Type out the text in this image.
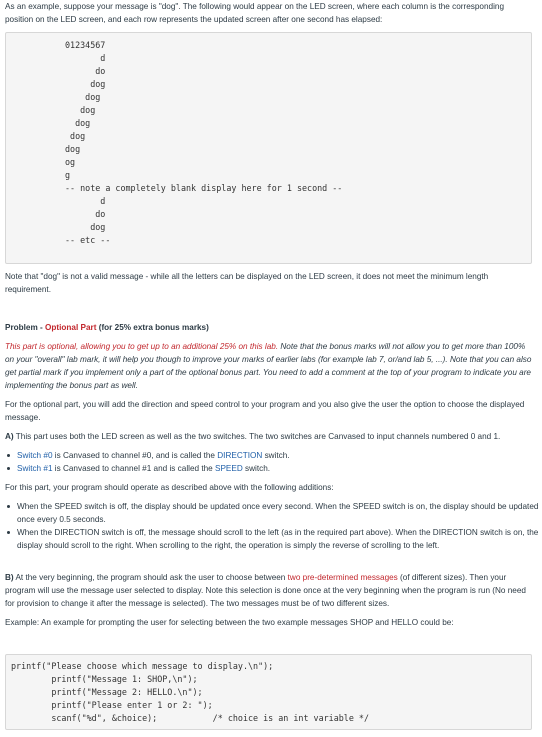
As an example, suppose your message is "dog". The following would appear on the LED screen, where each column is the corresponding position on the LED screen, and each row represents the updated screen after one second has elapsed:

01234567
d
do
dog
dog
dog
dog
dog
dog
og
g
-- note a completely blank display here for 1 second --
d
do
dog
-- etc --

Note that "dog" is not a valid message - while all the letters can be displayed on the LED screen, it does not meet the minimum length requirement.

Problem - Optional Part (for 25% extra bonus marks)

This part is optional, allowing you to get up to an additional 25% on this lab. Note that the bonus marks will not allow you to get more than 100% on your "overall" lab mark, it will help you though to improve your marks of earlier labs (for example lab 7, or/and lab 5, ...). Note that you can also get partial mark if you implement only a part of the optional bonus part. You need to add a comment at the top of your program to indicate you are implementing the bonus part as well.

For the optional part, you will add the direction and speed control to your program and you also give the user the option to choose the displayed message.

A) This part uses both the LED screen as well as the two switches. The two switches are Canvased to input channels numbered 0 and 1.

Switch #0 is Canvased to channel #0, and is called the DIRECTION switch.
Switch #1 is Canvased to channel #1 and is called the SPEED switch.

For this part, your program should operate as described above with the following additions:

When the SPEED switch is off, the display should be updated once every second. When the SPEED switch is on, the display should be updated once every 0.5 seconds.
When the DIRECTION switch is off, the message should scroll to the left (as in the required part above). When the DIRECTION switch is on, the display should scroll to the right. When scrolling to the right, the operation is simply the reverse of scrolling to the left.

B) At the very beginning, the program should ask the user to choose between two pre-determined messages (of different sizes). Then your program will use the message user selected to display. Note this selection is done once at the very beginning when the program is run (No need for provision to change it after the message is selected). The two messages must be of two different sizes.

Example: An example for prompting the user for selecting between the two example messages SHOP and HELLO could be:

printf("Please choose which message to display.\n");
printf("Message 1: SHOP,\n");
printf("Message 2: HELLO.\n");
printf("Please enter 1 or 2: ");
scanf("%d", &choice);           /* choice is an int variable */
